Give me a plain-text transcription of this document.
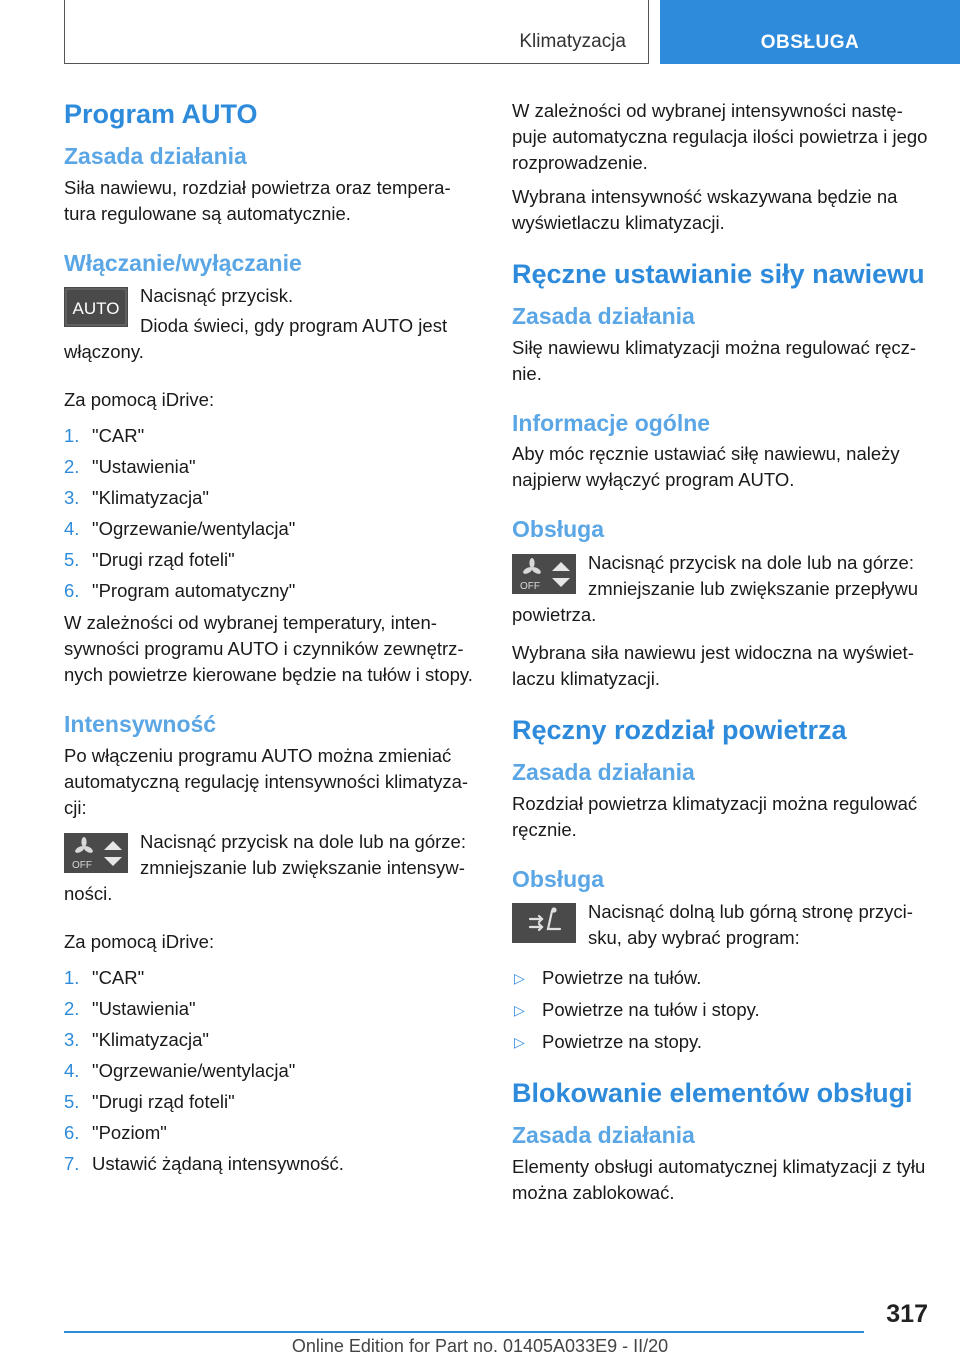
Klimatyzacja	OBSŁUGA
Program AUTO
Zasada działania

Siła nawiewu, rozdział powietrza oraz tempera- tura regulowane są automatycznie.

Włączanie/wyłączanie
AUTO

Nacisnąć przycisk.

Dioda świeci, gdy program AUTO jest włączony.

Za pomocą iDrive:

1. "CAR"
2. "Ustawienia"
3. "Klimatyzacja"
4. "Ogrzewanie/wentylacja"
5. "Drugi rząd foteli"
6. "Program automatyczny"

W zależności od wybranej temperatury, inten- sywności programu AUTO i czynników zewnętrz- nych powietrze kierowane będzie na tułów i stopy.

Intensywność

Po włączeniu programu AUTO można zmieniać automatyczną regulację intensywności klimatyza- cji:

OFF

Nacisnąć przycisk na dole lub na górze: zmniejszanie lub zwiększanie intensyw- ności.

Za pomocą iDrive:

1. "CAR"
2. "Ustawienia"
3. "Klimatyzacja"
4. "Ogrzewanie/wentylacja"
5. "Drugi rząd foteli"
6. "Poziom"
7. Ustawić żądaną intensywność.

W zależności od wybranej intensywności nastę- puje automatyczna regulacja ilości powietrza i jego rozprowadzenie.

Wybrana intensywność wskazywana będzie na wyświetlaczu klimatyzacji.

Ręczne ustawianie siły nawiewu
Zasada działania

Siłę nawiewu klimatyzacji można regulować ręcz- nie.

Informacje ogólne

Aby móc ręcznie ustawiać siłę nawiewu, należy najpierw wyłączyć program AUTO.

Obsługa
OFF

Nacisnąć przycisk na dole lub na górze: zmniejszanie lub zwiększanie przepływu powietrza.

Wybrana siła nawiewu jest widoczna na wyświet- laczu klimatyzacji.

Ręczny rozdział powietrza
Zasada działania

Rozdział powietrza klimatyzacji można regulować ręcznie.

Obsługa

Nacisnąć dolną lub górną stronę przyci- sku, aby wybrać program:

▷ Powietrze na tułów.
▷ Powietrze na tułów i stopy.
▷ Powietrze na stopy.
Blokowanie elementów obsługi
Zasada działania

Elementy obsługi automatycznej klimatyzacji z tyłu można zablokować.

317
Online Edition for Part no. 01405A033E9 - II/20
